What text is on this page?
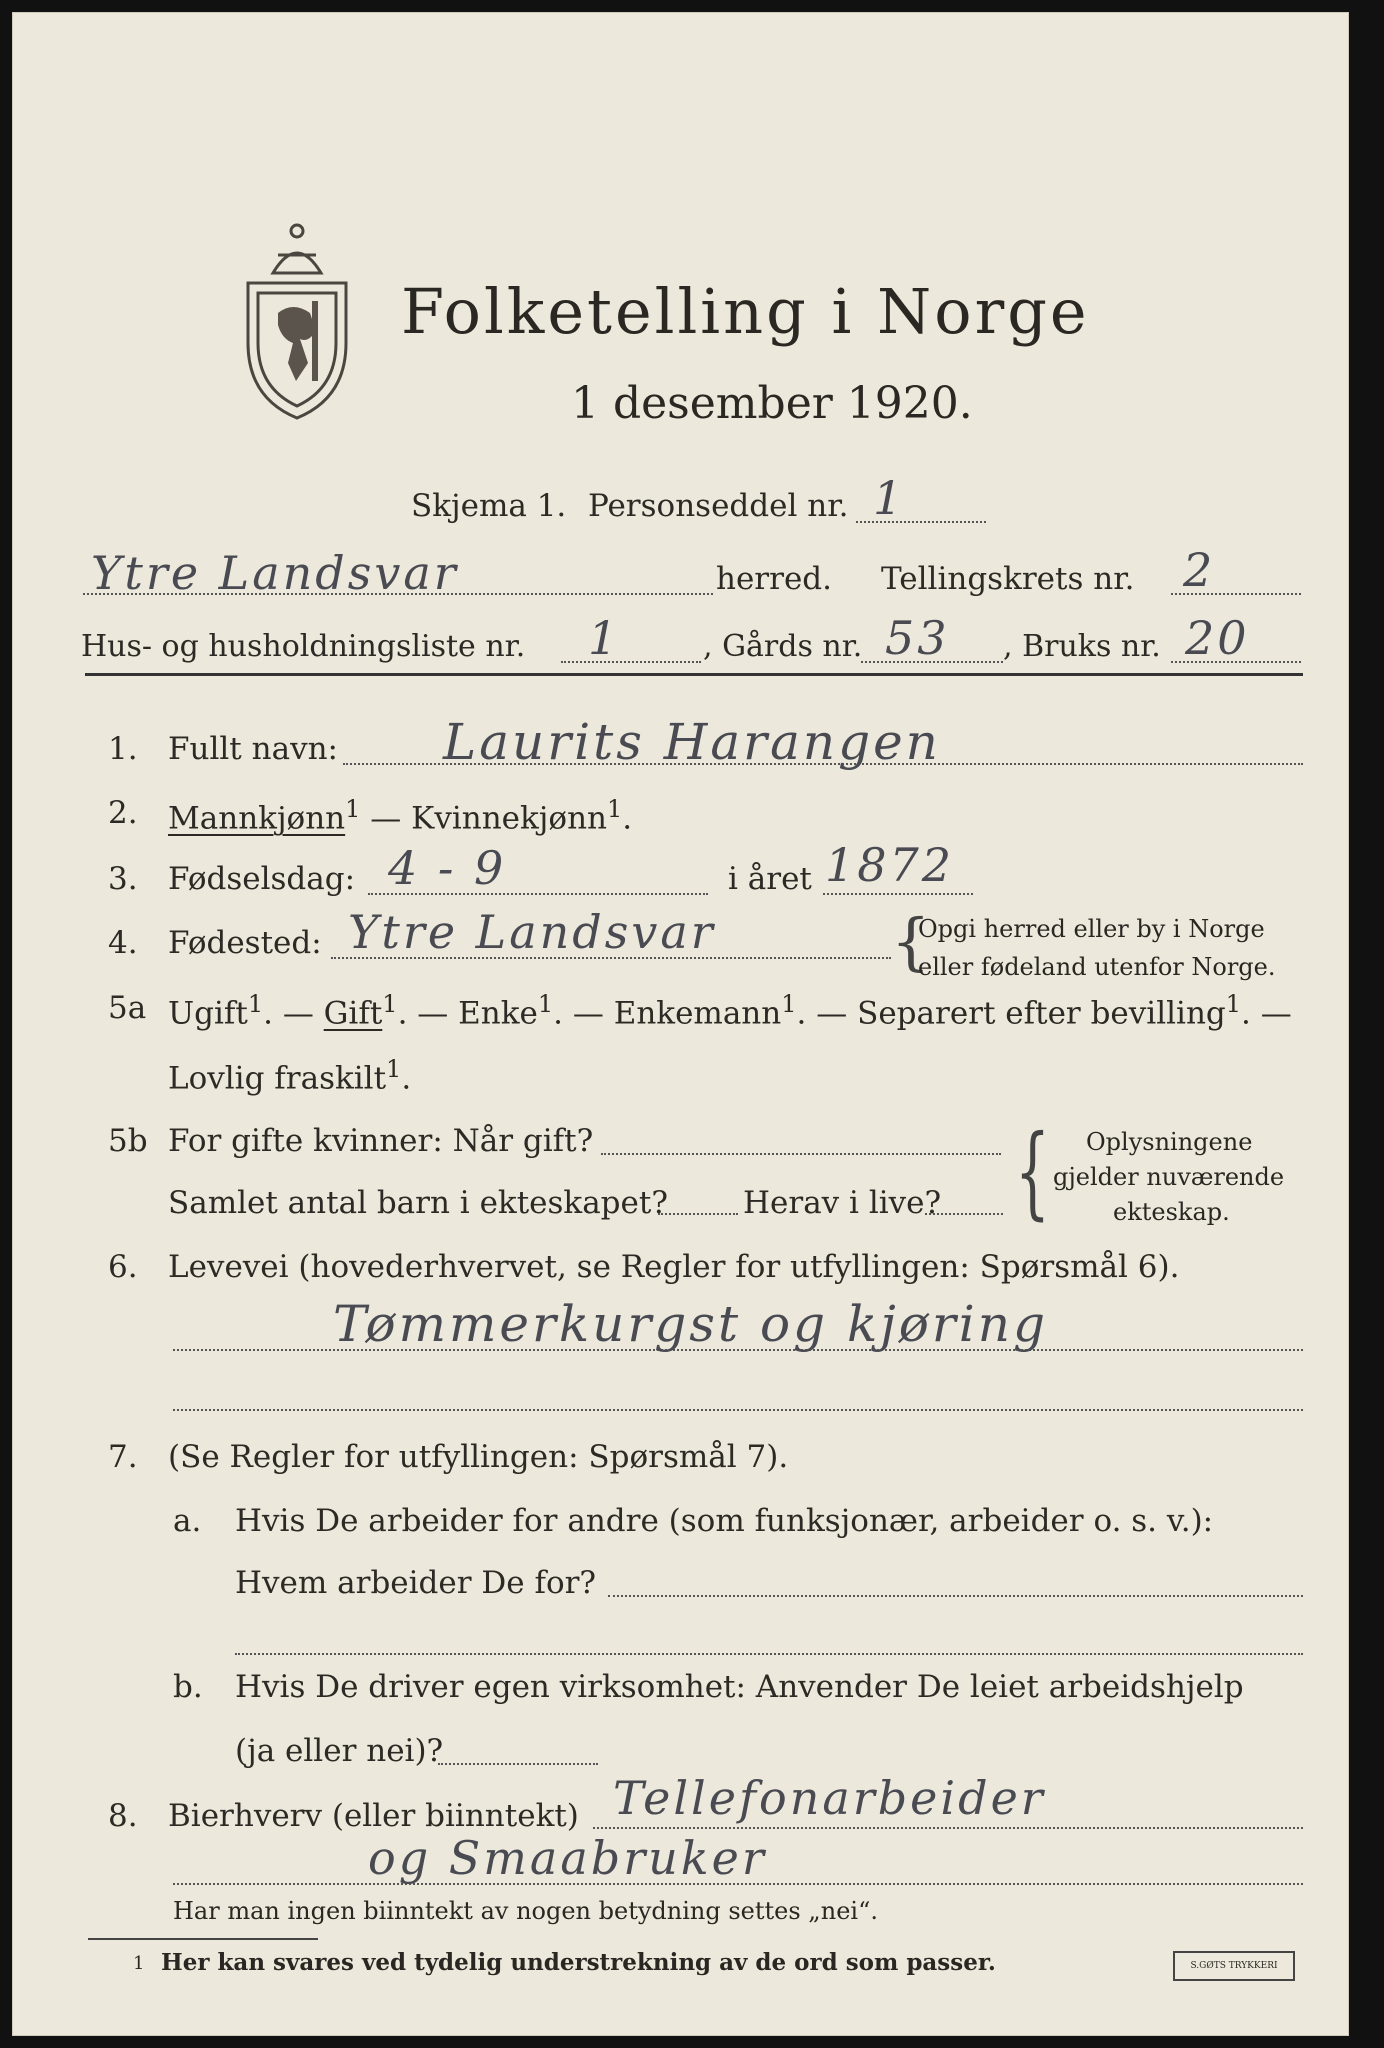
Folketelling i Norge
1 desember 1920.
Skjema 1. Personseddel nr. 1
Ytre Landsvar	herred. Tellingskrets nr. 2
Hus- og husholdningsliste nr. 1	, Gårds nr. 53 , Bruks nr. 20
1. Fullt navn: Laurits Harangen
2. Mannkjønn$^1$ — Kvinnekjønn$^1$.
3. Fødselsdag: 4 - 9	i året 1872
4. Fødested: Ytre Landsvar	{
Opgi herred eller by i Norge
eller fødeland utenfor Norge.
5a Ugift$^1$. — Gift$^1$. — Enke$^1$. — Enkemann$^1$. — Separert efter bevilling$^1$. —
Lovlig fraskilt$^1$.
5b For gifte kvinner: Når gift?
Samlet antal barn i ekteskapet? Herav i live? { Oplysningene
gjelder nuværende
ekteskap.
6. Levevei (hovederhvervet, se Regler for utfyllingen: Spørsmål 6).
Tømmerkurgst og kjøring
7. (Se Regler for utfyllingen: Spørsmål 7).
a. Hvis De arbeider for andre (som funksjonær, arbeider o. s. v.):
Hvem arbeider De for?
b. Hvis De driver egen virksomhet: Anvender De leiet arbeidshjelp
(ja eller nei)?
8. Bierhverv (eller biinntekt) Tellefonarbeider
og Smaabruker
Har man ingen biinntekt av nogen betydning settes „nei“.
1 Her kan svares ved tydelig understrekning av de ord som passer.	S.GØTS TRYKKERI
